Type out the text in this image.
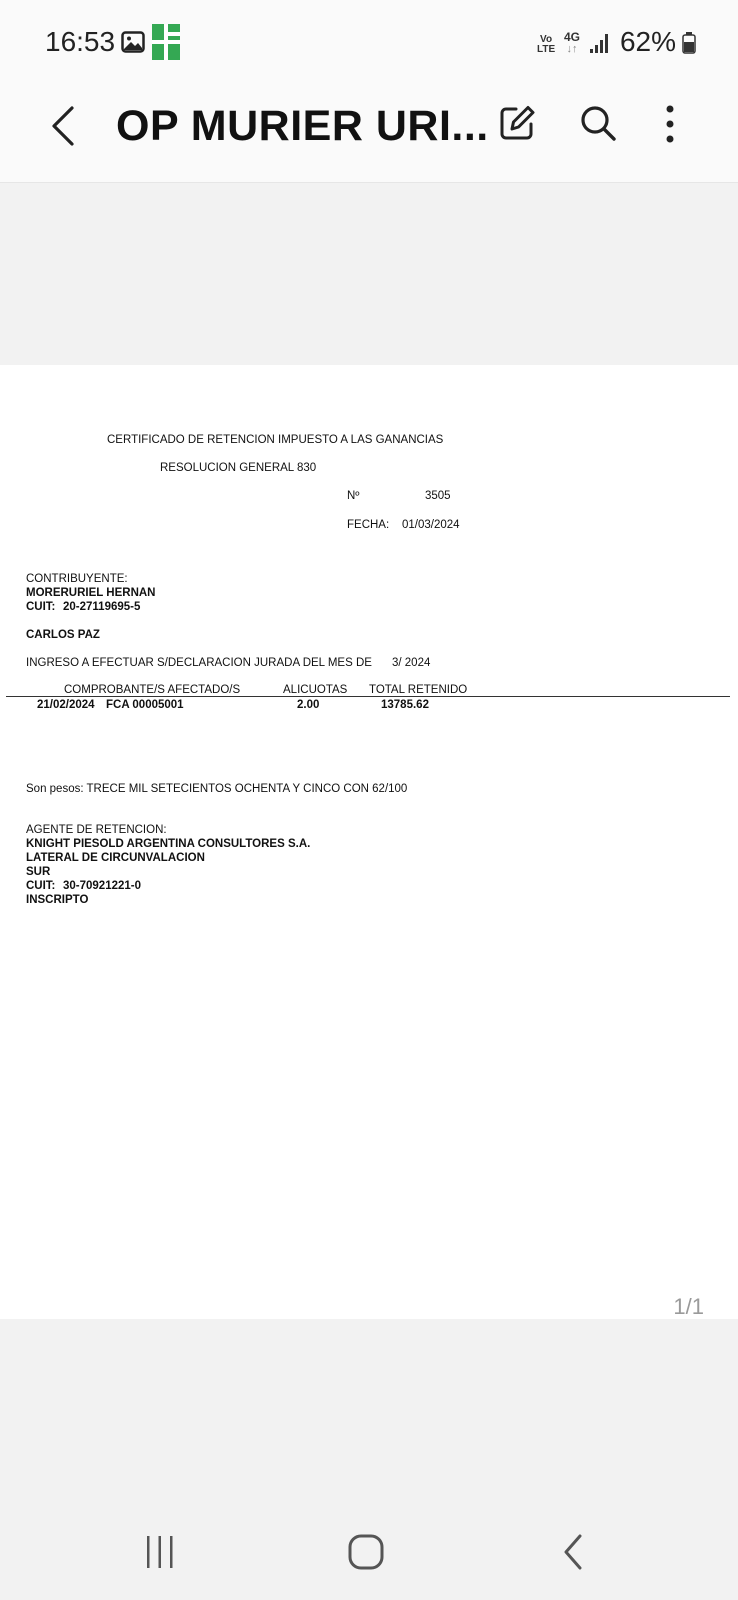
16:53	Vo
LTE
4G
↓↑ 62%
OP MURIER URI...
CERTIFICADO DE RETENCION IMPUESTO A LAS GANANCIAS
RESOLUCION GENERAL 830
Nº	3505
FECHA: 01/03/2024
CONTRIBUYENTE:
MORERURIEL HERNAN
CUIT: 20-27119695-5
CARLOS PAZ
INGRESO A EFECTUAR S/DECLARACION JURADA DEL MES DE 3/ 2024
COMPROBANTE/S AFECTADO/S	ALICUOTAS TOTAL RETENIDO
21/02/2024 FCA 00005001	2.00	13785.62
Son pesos: TRECE MIL SETECIENTOS OCHENTA Y CINCO CON 62/100
AGENTE DE RETENCION:
KNIGHT PIESOLD ARGENTINA CONSULTORES S.A.
LATERAL DE CIRCUNVALACION
SUR
CUIT: 30-70921221-0
INSCRIPTO
1/1
